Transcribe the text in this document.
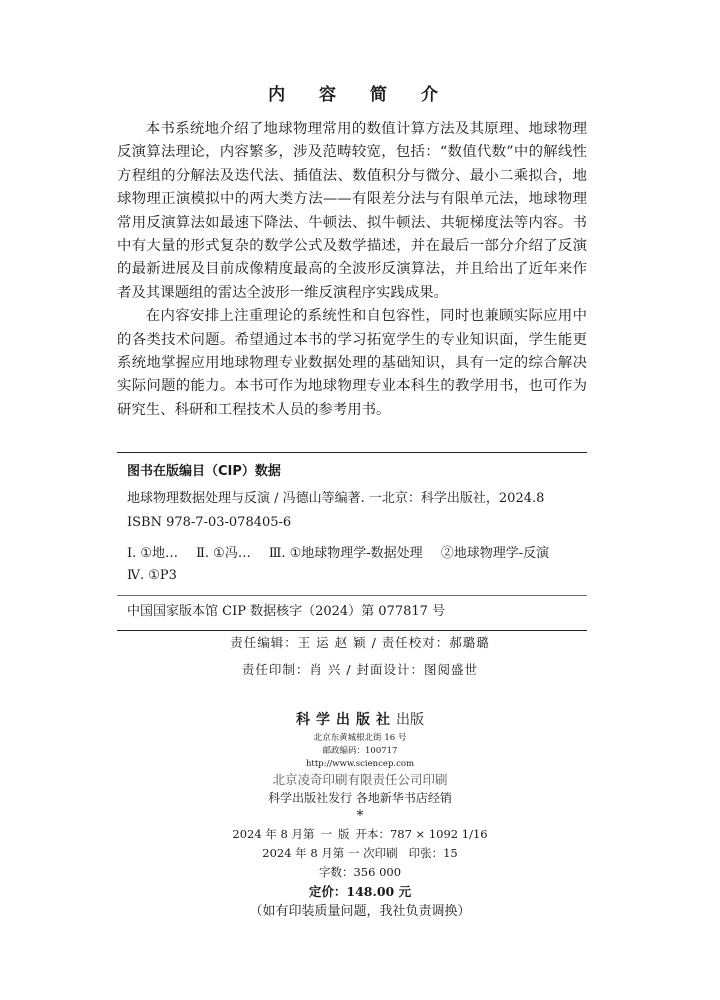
内 容 简 介

本书系统地介绍了地球物理常用的数值计算方法及其原理、地球物理反演算法理论，内容繁多，涉及范畴较宽，包括：“数值代数”中的解线性方程组的分解法及迭代法、插值法、数值积分与微分、最小二乘拟合，地球物理正演模拟中的两大类方法——有限差分法与有限单元法，地球物理常用反演算法如最速下降法、牛顿法、拟牛顿法、共轭梯度法等内容。书中有大量的形式复杂的数学公式及数学描述，并在最后一部分介绍了反演的最新进展及目前成像精度最高的全波形反演算法，并且给出了近年来作者及其课题组的雷达全波形一维反演程序实践成果。

在内容安排上注重理论的系统性和自包容性，同时也兼顾实际应用中的各类技术问题。希望通过本书的学习拓宽学生的专业知识面，学生能更系统地掌握应用地球物理专业数据处理的基础知识，具有一定的综合解决实际问题的能力。本书可作为地球物理专业本科生的教学用书，也可作为研究生、科研和工程技术人员的参考用书。

图书在版编目（CIP）数据
地球物理数据处理与反演 / 冯德山等编著. 一北京：科学出版社，2024.8
ISBN 978-7-03-078405-6
Ⅰ. ①地… Ⅱ. ①冯… Ⅲ. ①地球物理学-数据处理 ②地球物理学-反演
Ⅳ. ①P3
中国国家版本馆 CIP 数据核字（2024）第 077817 号
责任编辑：王 运 赵 颖 / 责任校对：郝璐璐
责任印制：肖 兴 / 封面设计：图阅盛世
科学出版社出版
北京东黄城根北街 16 号
邮政编码：100717
http://www.sciencep.com
北京凌奇印刷有限责任公司印刷
科学出版社发行 各地新华书店经销
*
2024 年 8 月第 一 版 开本：787 × 1092 1/16
2024 年 8 月第 一 次印刷 印张：15
字数：356 000
定价：148.00 元
（如有印装质量问题，我社负责调换）
